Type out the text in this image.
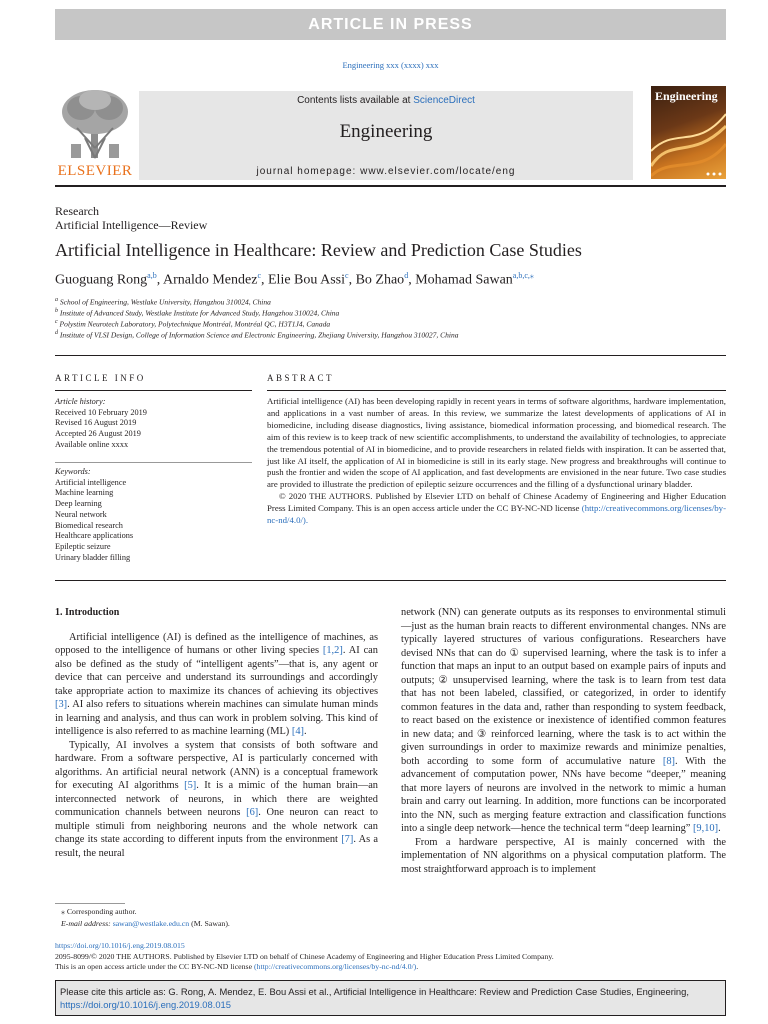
ARTICLE IN PRESS
Engineering xxx (xxxx) xxx
ELSEVIER
Contents lists available at ScienceDirect
Engineering
journal homepage: www.elsevier.com/locate/eng
Engineering
Research
Artificial Intelligence—Review
Artificial Intelligence in Healthcare: Review and Prediction Case Studies
Guoguang Rong$^{a,b}$, Arnaldo Mendez$^c$, Elie Bou Assi$^c$, Bo Zhao$^d$, Mohamad Sawan$^{a,b,c,⁎}$
$^a$ School of Engineering, Westlake University, Hangzhou 310024, China
$^b$ Institute of Advanced Study, Westlake Institute for Advanced Study, Hangzhou 310024, China
$^c$ Polystim Neurotech Laboratory, Polytechnique Montréal, Montréal QC, H3T1J4, Canada
$^d$ Institute of VLSI Design, College of Information Science and Electronic Engineering, Zhejiang University, Hangzhou 310027, China
ARTICLE INFO
Article history:
Received 10 February 2019
Revised 16 August 2019
Accepted 26 August 2019
Available online xxxx
Keywords:
Artificial intelligence
Machine learning
Deep learning
Neural network
Biomedical research
Healthcare applications
Epileptic seizure
Urinary bladder filling
ABSTRACT
Artificial intelligence (AI) has been developing rapidly in recent years in terms of software algorithms, hardware implementation, and applications in a vast number of areas. In this review, we summarize the latest developments of applications of AI in biomedicine, including disease diagnostics, living assistance, biomedical information processing, and biomedical research. The aim of this review is to keep track of new scientific accomplishments, to understand the availability of technologies, to appreciate the tremendous potential of AI in biomedicine, and to provide researchers in related fields with inspiration. It can be asserted that, just like AI itself, the application of AI in biomedicine is still in its early stage. New progress and breakthroughs will continue to push the frontier and widen the scope of AI application, and fast developments are envisioned in the near future. Two case studies are provided to illustrate the prediction of epileptic seizure occurrences and the filling of a dysfunctional urinary bladder.
© 2020 THE AUTHORS. Published by Elsevier LTD on behalf of Chinese Academy of Engineering and Higher Education Press Limited Company. This is an open access article under the CC BY-NC-ND license (http://creativecommons.org/licenses/by-nc-nd/4.0/).
1. Introduction

Artificial intelligence (AI) is defined as the intelligence of machines, as opposed to the intelligence of humans or other living species [1,2]. AI can also be defined as the study of “intelligent agents”—that is, any agent or device that can perceive and understand its surroundings and accordingly take appropriate action to maximize its chances of achieving its objectives [3]. AI also refers to situations wherein machines can simulate human minds in learning and analysis, and thus can work in problem solving. This kind of intelligence is also referred to as machine learning (ML) [4].

Typically, AI involves a system that consists of both software and hardware. From a software perspective, AI is particularly concerned with algorithms. An artificial neural network (ANN) is a conceptual framework for executing AI algorithms [5]. It is a mimic of the human brain—an interconnected network of neurons, in which there are weighted communication channels between neurons [6]. One neuron can react to multiple stimuli from neighboring neurons and the whole network can change its state according to different inputs from the environment [7]. As a result, the neural

network (NN) can generate outputs as its responses to environmental stimuli—just as the human brain reacts to different environmental changes. NNs are typically layered structures of various configurations. Researchers have devised NNs that can do ① supervised learning, where the task is to infer a function that maps an input to an output based on example pairs of inputs and outputs; ② unsupervised learning, where the task is to learn from test data that has not been labeled, classified, or categorized, in order to identify common features in the data and, rather than responding to system feedback, to react based on the existence or inexistence of identified common features in new data; and ③ reinforced learning, where the task is to act within the given surroundings in order to maximize rewards and minimize penalties, both according to some form of accumulative nature [8]. With the advancement of computation power, NNs have become “deeper,” meaning that more layers of neurons are involved in the network to mimic a human brain and carry out learning. In addition, more functions can be incorporated into the NN, such as merging feature extraction and classification functions into a single deep network—hence the technical term “deep learning” [9,10].

From a hardware perspective, AI is mainly concerned with the implementation of NN algorithms on a physical computation platform. The most straightforward approach is to implement

⁎ Corresponding author.
E-mail address: sawan@westlake.edu.cn (M. Sawan).
https://doi.org/10.1016/j.eng.2019.08.015
2095-8099/© 2020 THE AUTHORS. Published by Elsevier LTD on behalf of Chinese Academy of Engineering and Higher Education Press Limited Company.
This is an open access article under the CC BY-NC-ND license (http://creativecommons.org/licenses/by-nc-nd/4.0/).
Please cite this article as: G. Rong, A. Mendez, E. Bou Assi et al., Artificial Intelligence in Healthcare: Review and Prediction Case Studies, Engineering,
https://doi.org/10.1016/j.eng.2019.08.015
